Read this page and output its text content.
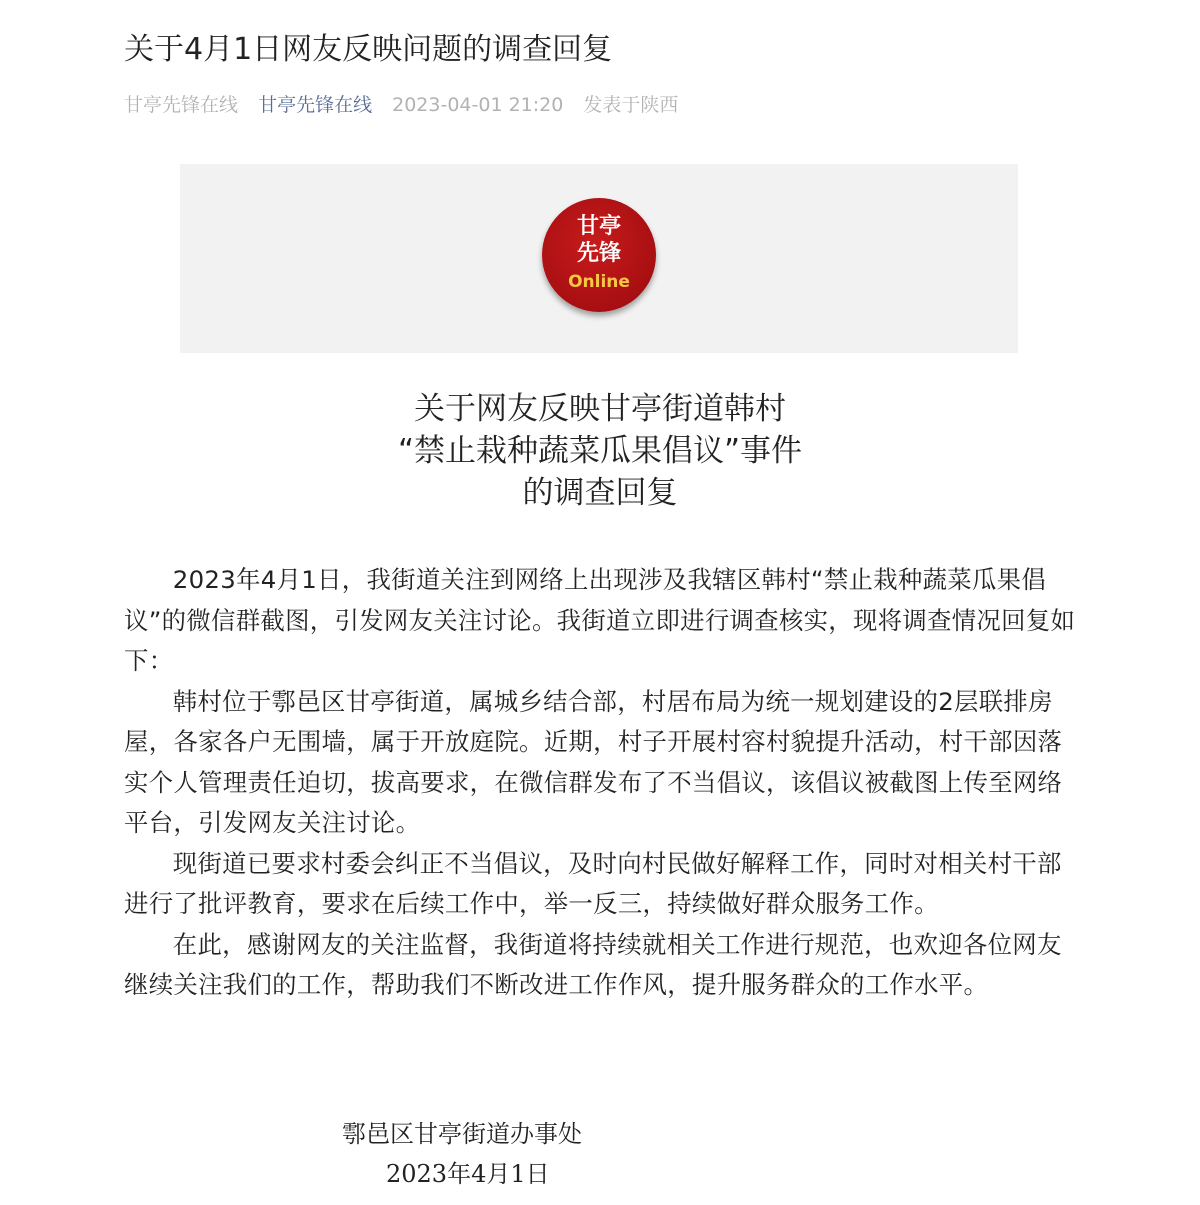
关于4月1日网友反映问题的调查回复
甘亭先锋在线 甘亭先锋在线 2023-04-01 21:20 发表于陕西
甘亭
先锋
Online
关于网友反映甘亭街道韩村
“禁止栽种蔬菜瓜果倡议”事件
的调查回复

2023年4月1日，我街道关注到网络上出现涉及我辖区韩村“禁止栽种蔬菜瓜果倡议”的微信群截图，引发网友关注讨论。我街道立即进行调查核实，现将调查情况回复如下：

韩村位于鄠邑区甘亭街道，属城乡结合部，村居布局为统一规划建设的2层联排房屋，各家各户无围墙，属于开放庭院。近期，村子开展村容村貌提升活动，村干部因落实个人管理责任迫切，拔高要求，在微信群发布了不当倡议，该倡议被截图上传至网络平台，引发网友关注讨论。

现街道已要求村委会纠正不当倡议，及时向村民做好解释工作，同时对相关村干部进行了批评教育，要求在后续工作中，举一反三，持续做好群众服务工作。

在此，感谢网友的关注监督，我街道将持续就相关工作进行规范，也欢迎各位网友继续关注我们的工作，帮助我们不断改进工作作风，提升服务群众的工作水平。

鄠邑区甘亭街道办事处
2023年4月1日
